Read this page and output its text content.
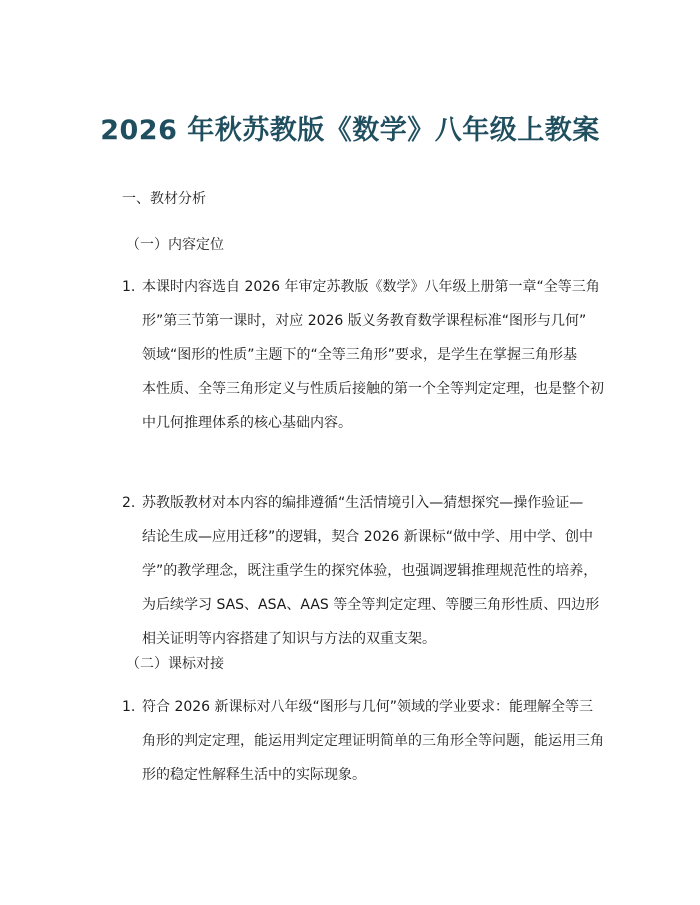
2026 年秋苏教版《数学》八年级上教案
一、教材分析
（一）内容定位
1. 本课时内容选自 2026 年审定苏教版《数学》八年级上册第一章“全等三角
形”第三节第一课时，对应 2026 版义务教育数学课程标准“图形与几何”
领域“图形的性质”主题下的“全等三角形”要求，是学生在掌握三角形基
本性质、全等三角形定义与性质后接触的第一个全等判定定理，也是整个初
中几何推理体系的核心基础内容。
2. 苏教版教材对本内容的编排遵循“生活情境引入—猜想探究—操作验证—
结论生成—应用迁移”的逻辑，契合 2026 新课标“做中学、用中学、创中
学”的教学理念，既注重学生的探究体验，也强调逻辑推理规范性的培养，
为后续学习 SAS、ASA、AAS 等全等判定定理、等腰三角形性质、四边形
相关证明等内容搭建了知识与方法的双重支架。
（二）课标对接
1. 符合 2026 新课标对八年级“图形与几何”领域的学业要求：能理解全等三
角形的判定定理，能运用判定定理证明简单的三角形全等问题，能运用三角
形的稳定性解释生活中的实际现象。
